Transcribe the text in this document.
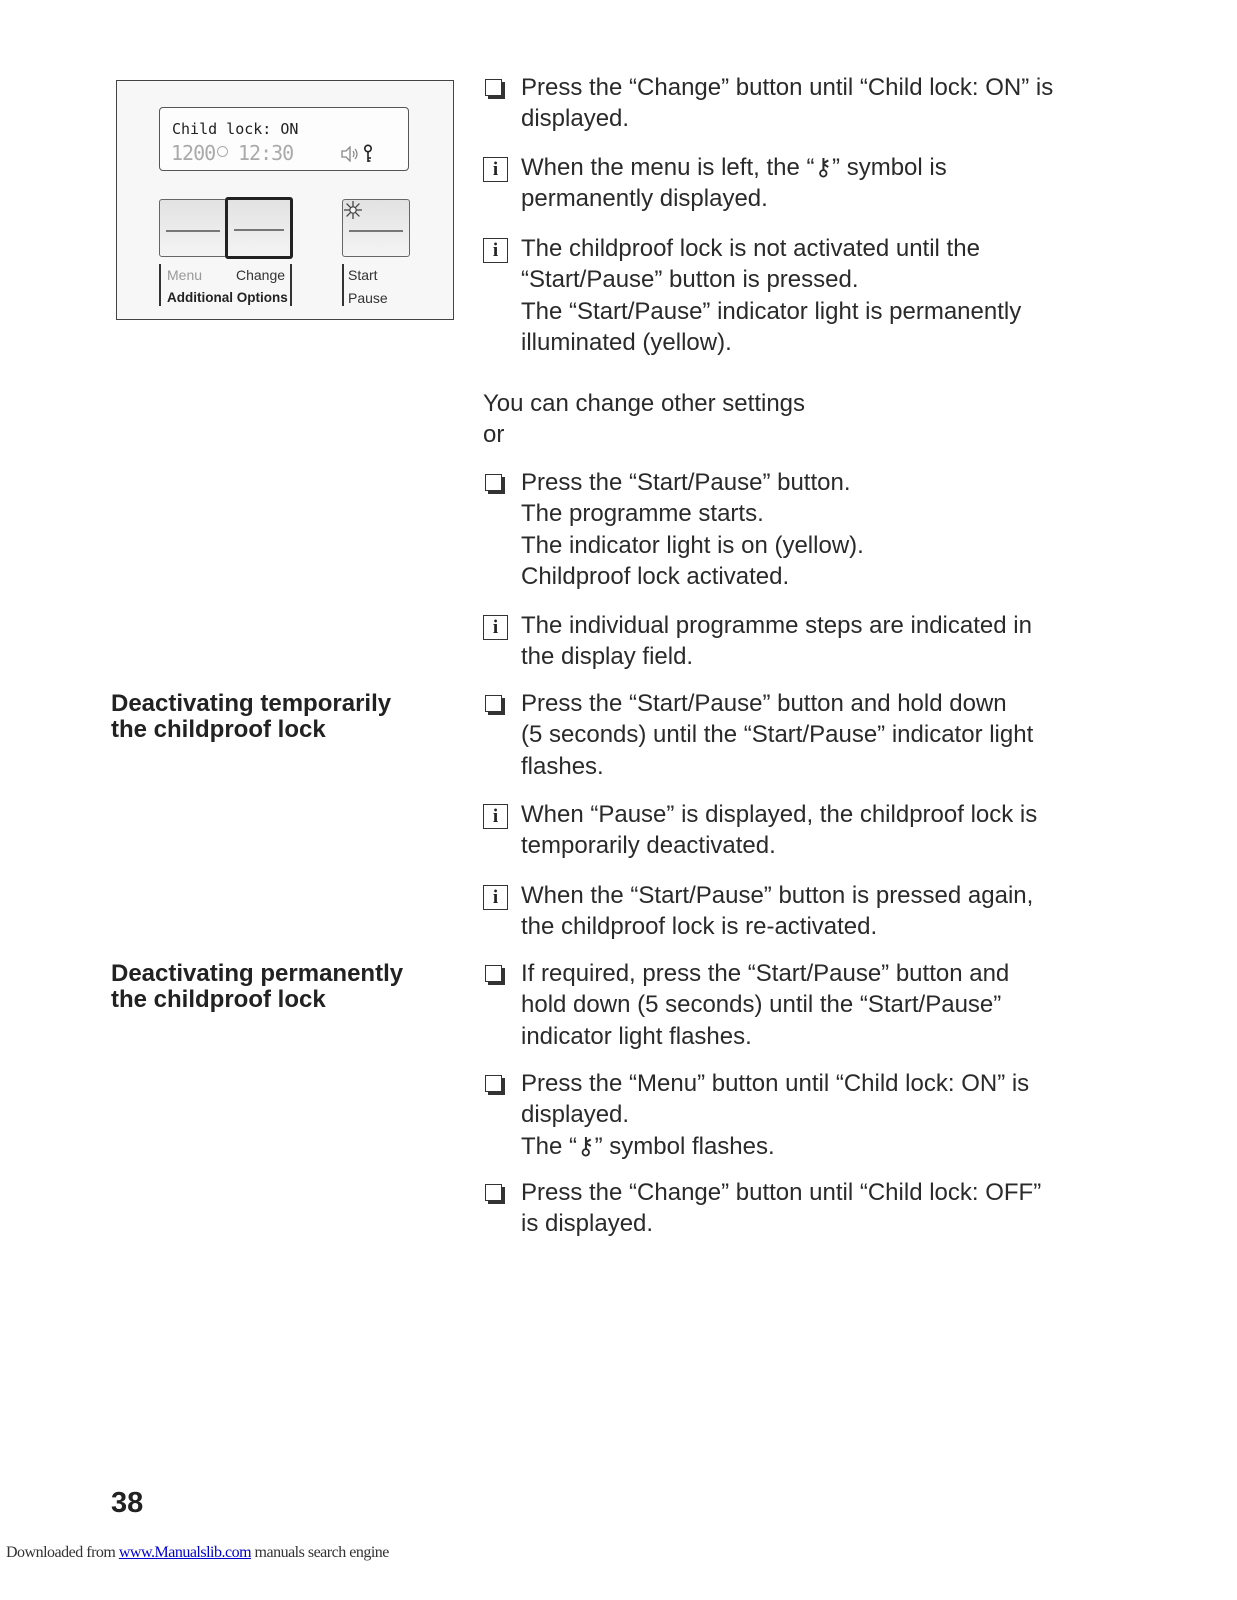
Child lock: ON
1200 12:30
Menu Change
Additional Options
Start
Pause
Press the “Change” button until “Child lock: ON” is
displayed.
i When the menu is left, the “⚷” symbol is
permanently displayed.
i The childproof lock is not activated until the
“Start/Pause” button is pressed.
The “Start/Pause” indicator light is permanently
illuminated (yellow).
You can change other settings
or
Press the “Start/Pause” button.
The programme starts.
The indicator light is on (yellow).
Childproof lock activated.
i The individual programme steps are indicated in
the display field.
Deactivating temporarily
the childproof lock
Press the “Start/Pause” button and hold down
(5 seconds) until the “Start/Pause” indicator light
flashes.
i When “Pause” is displayed, the childproof lock is
temporarily deactivated.
i When the “Start/Pause” button is pressed again,
the childproof lock is re-activated.
Deactivating permanently
the childproof lock
If required, press the “Start/Pause” button and
hold down (5 seconds) until the “Start/Pause”
indicator light flashes.
Press the “Menu” button until “Child lock: ON” is
displayed.
The “⚷” symbol flashes.
Press the “Change” button until “Child lock: OFF”
is displayed.
38
Downloaded from www.Manualslib.com manuals search engine
